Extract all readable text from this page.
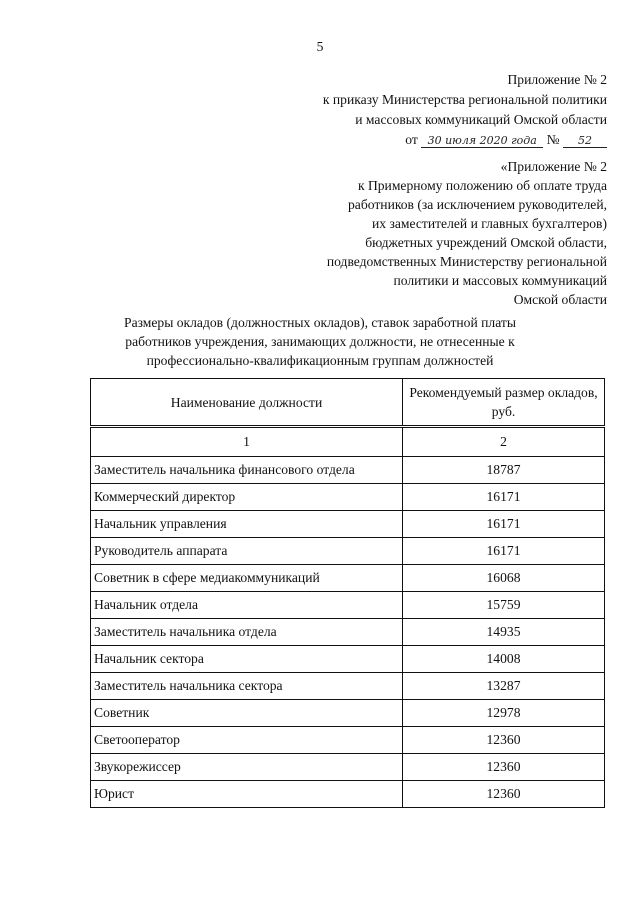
5
Приложение № 2
к приказу Министерства региональной политики
и массовых коммуникаций Омской области
от 30 июля 2020 года № 52
«Приложение № 2
к Примерному положению об оплате труда
работников (за исключением руководителей,
их заместителей и главных бухгалтеров)
бюджетных учреждений Омской области,
подведомственных Министерству региональной
политики и массовых коммуникаций
Омской области
Размеры окладов (должностных окладов), ставок заработной платы
работников учреждения, занимающих должности, не отнесенные к
профессионально-квалификационным группам должностей
Наименование должности	Рекомендуемый размер окладов, руб.
1	2
Заместитель начальника финансового отдела	18787
Коммерческий директор	16171
Начальник управления	16171
Руководитель аппарата	16171
Советник в сфере медиакоммуникаций	16068
Начальник отдела	15759
Заместитель начальника отдела	14935
Начальник сектора	14008
Заместитель начальника сектора	13287
Советник	12978
Светооператор	12360
Звукорежиссер	12360
Юрист	12360
